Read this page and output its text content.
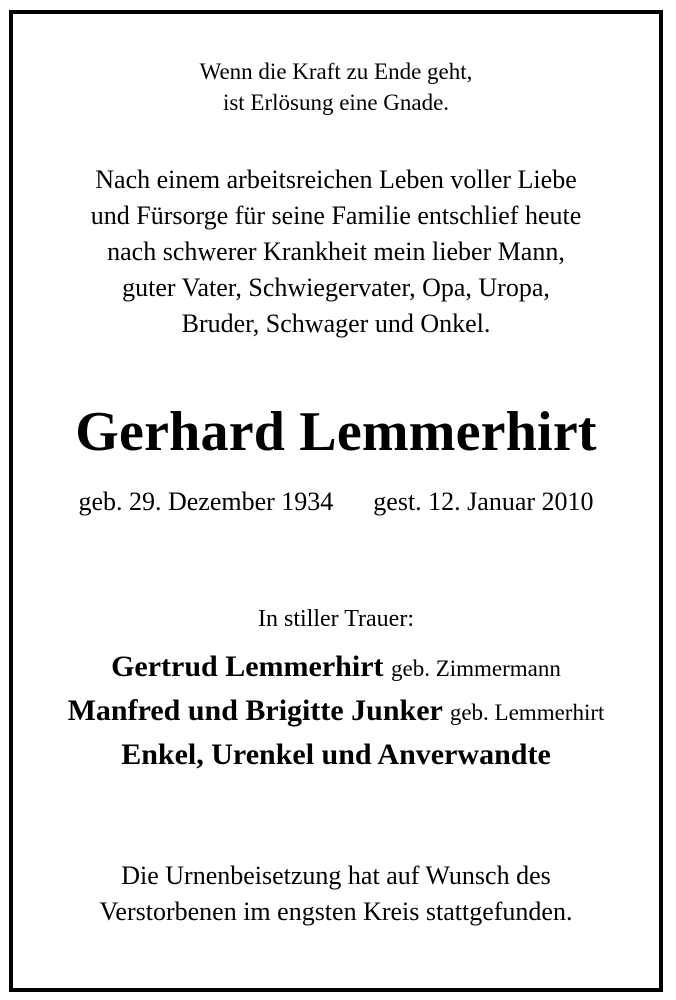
Wenn die Kraft zu Ende geht,
ist Erlösung eine Gnade.
Nach einem arbeitsreichen Leben voller Liebe
und Fürsorge für seine Familie entschlief heute
nach schwerer Krankheit mein lieber Mann,
guter Vater, Schwiegervater, Opa, Uropa,
Bruder, Schwager und Onkel.
Gerhard Lemmerhirt
geb. 29. Dezember 1934 gest. 12. Januar 2010
In stiller Trauer:
Gertrud Lemmerhirt geb. Zimmermann
Manfred und Brigitte Junker geb. Lemmerhirt
Enkel, Urenkel und Anverwandte
Die Urnenbeisetzung hat auf Wunsch des
Verstorbenen im engsten Kreis stattgefunden.
